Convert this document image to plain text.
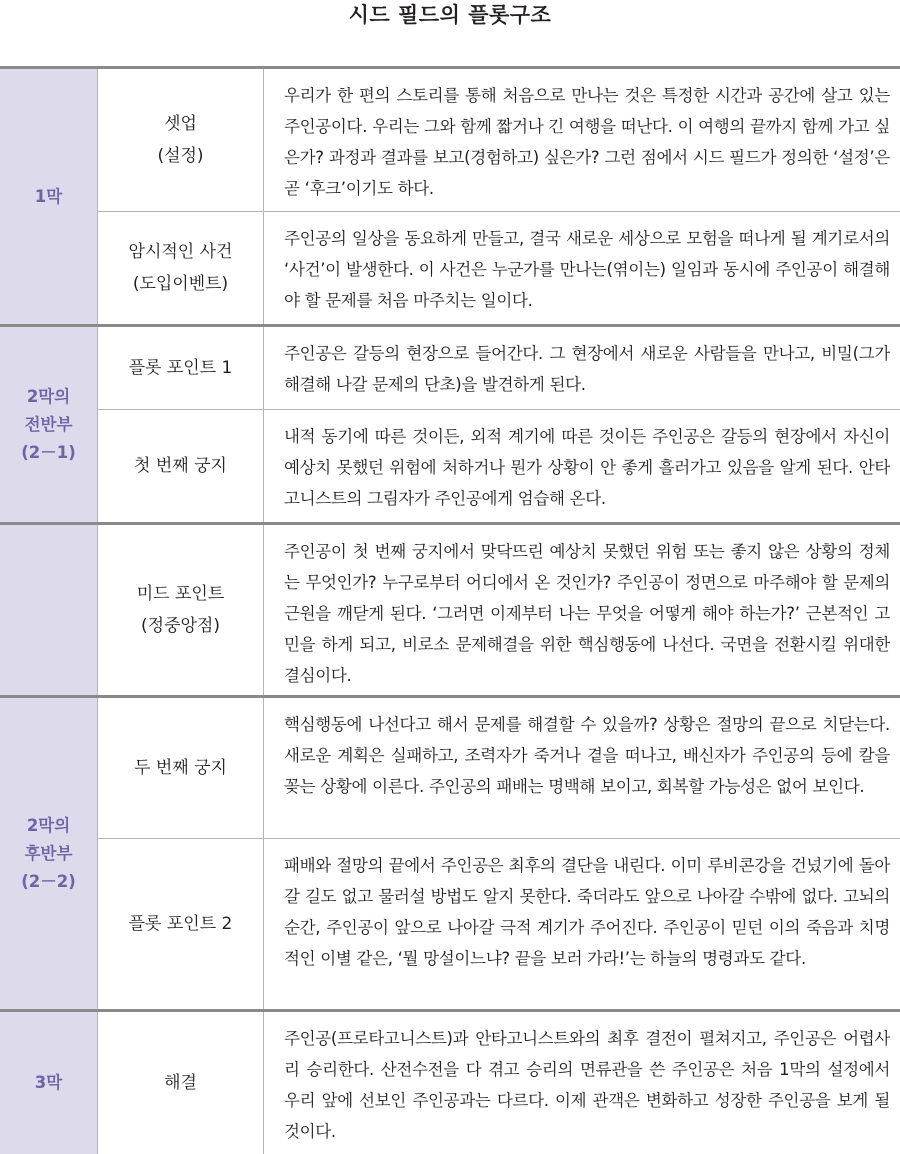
시드 필드의 플롯구조
1막
셋업
(설정)
우리가 한 편의 스토리를 통해 처음으로 만나는 것은 특정한 시간과 공간에 살고 있는 주인공이다. 우리는 그와 함께 짧거나 긴 여행을 떠난다. 이 여행의 끝까지 함께 가고 싶은가? 과정과 결과를 보고(경험하고) 싶은가? 그런 점에서 시드 필드가 정의한 ‘설정’은 곧 ‘후크’이기도 하다.
암시적인 사건
(도입이벤트)
주인공의 일상을 동요하게 만들고, 결국 새로운 세상으로 모험을 떠나게 될 계기로서의 ‘사건’이 발생한다. 이 사건은 누군가를 만나는(엮이는) 일임과 동시에 주인공이 해결해야 할 문제를 처음 마주치는 일이다.
2막의
전반부
(2－1)
플롯 포인트 1
주인공은 갈등의 현장으로 들어간다. 그 현장에서 새로운 사람들을 만나고, 비밀(그가 해결해 나갈 문제의 단초)을 발견하게 된다.
첫 번째 궁지
내적 동기에 따른 것이든, 외적 계기에 따른 것이든 주인공은 갈등의 현장에서 자신이 예상치 못했던 위험에 처하거나 뭔가 상황이 안 좋게 흘러가고 있음을 알게 된다. 안타고니스트의 그림자가 주인공에게 엄습해 온다.
미드 포인트
(정중앙점)
주인공이 첫 번째 궁지에서 맞닥뜨린 예상치 못했던 위험 또는 좋지 않은 상황의 정체는 무엇인가? 누구로부터 어디에서 온 것인가? 주인공이 정면으로 마주해야 할 문제의 근원을 깨닫게 된다. ‘그러면 이제부터 나는 무엇을 어떻게 해야 하는가?’ 근본적인 고민을 하게 되고, 비로소 문제해결을 위한 핵심행동에 나선다. 국면을 전환시킬 위대한 결심이다.
2막의
후반부
(2－2)
두 번째 궁지
핵심행동에 나선다고 해서 문제를 해결할 수 있을까? 상황은 절망의 끝으로 치닫는다. 새로운 계획은 실패하고, 조력자가 죽거나 곁을 떠나고, 배신자가 주인공의 등에 칼을 꽂는 상황에 이른다. 주인공의 패배는 명백해 보이고, 회복할 가능성은 없어 보인다.
플롯 포인트 2
패배와 절망의 끝에서 주인공은 최후의 결단을 내린다. 이미 루비콘강을 건넜기에 돌아갈 길도 없고 물러설 방법도 알지 못한다. 죽더라도 앞으로 나아갈 수밖에 없다. 고뇌의 순간, 주인공이 앞으로 나아갈 극적 계기가 주어진다. 주인공이 믿던 이의 죽음과 치명적인 이별 같은, ‘뭘 망설이느냐? 끝을 보러 가라!’는 하늘의 명령과도 같다.
3막	해결
주인공(프로타고니스트)과 안타고니스트와의 최후 결전이 펼쳐지고, 주인공은 어렵사리 승리한다. 산전수전을 다 겪고 승리의 면류관을 쓴 주인공은 처음 1막의 설정에서 우리 앞에 선보인 주인공과는 다르다. 이제 관객은 변화하고 성장한 주인공을 보게 될 것이다.
